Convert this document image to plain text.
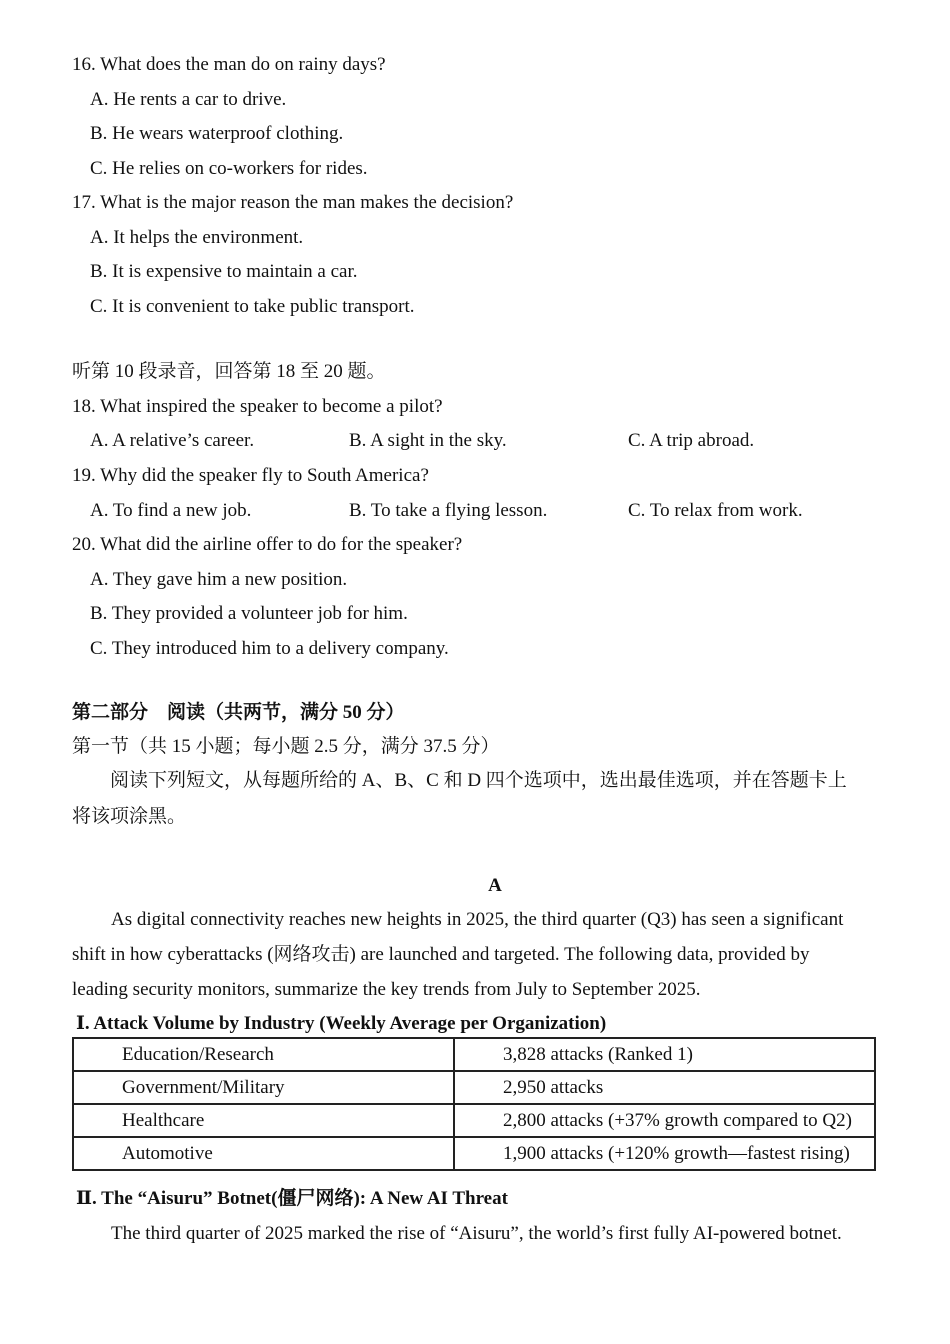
16. What does the man do on rainy days?
A. He rents a car to drive.
B. He wears waterproof clothing.
C. He relies on co-workers for rides.
17. What is the major reason the man makes the decision?
A. It helps the environment.
B. It is expensive to maintain a car.
C. It is convenient to take public transport.
听第 10 段录音，回答第 18 至 20 题。
18. What inspired the speaker to become a pilot?
A. A relative’s career.	B. A sight in the sky.	C. A trip abroad.
19. Why did the speaker fly to South America?
A. To find a new job.	B. To take a flying lesson.	C. To relax from work.
20. What did the airline offer to do for the speaker?
A. They gave him a new position.
B. They provided a volunteer job for him.
C. They introduced him to a delivery company.
第二部分　阅读（共两节，满分 50 分）
第一节（共 15 小题；每小题 2.5 分，满分 37.5 分）
阅读下列短文，从每题所给的 A、B、C 和 D 四个选项中，选出最佳选项，并在答题卡上
将该项涂黑。
A
As digital connectivity reaches new heights in 2025, the third quarter (Q3) has seen a significant
shift in how cyberattacks (网络攻击) are launched and targeted. The following data, provided by
leading security monitors, summarize the key trends from July to September 2025.
Ⅰ. Attack Volume by Industry (Weekly Average per Organization)
Education/Research	3,828 attacks (Ranked 1)
Government/Military	2,950 attacks
Healthcare	2,800 attacks (+37% growth compared to Q2)
Automotive	1,900 attacks (+120% growth—fastest rising)
Ⅱ. The “Aisuru” Botnet(僵尸网络): A New AI Threat
The third quarter of 2025 marked the rise of “Aisuru”, the world’s first fully AI-powered botnet.
